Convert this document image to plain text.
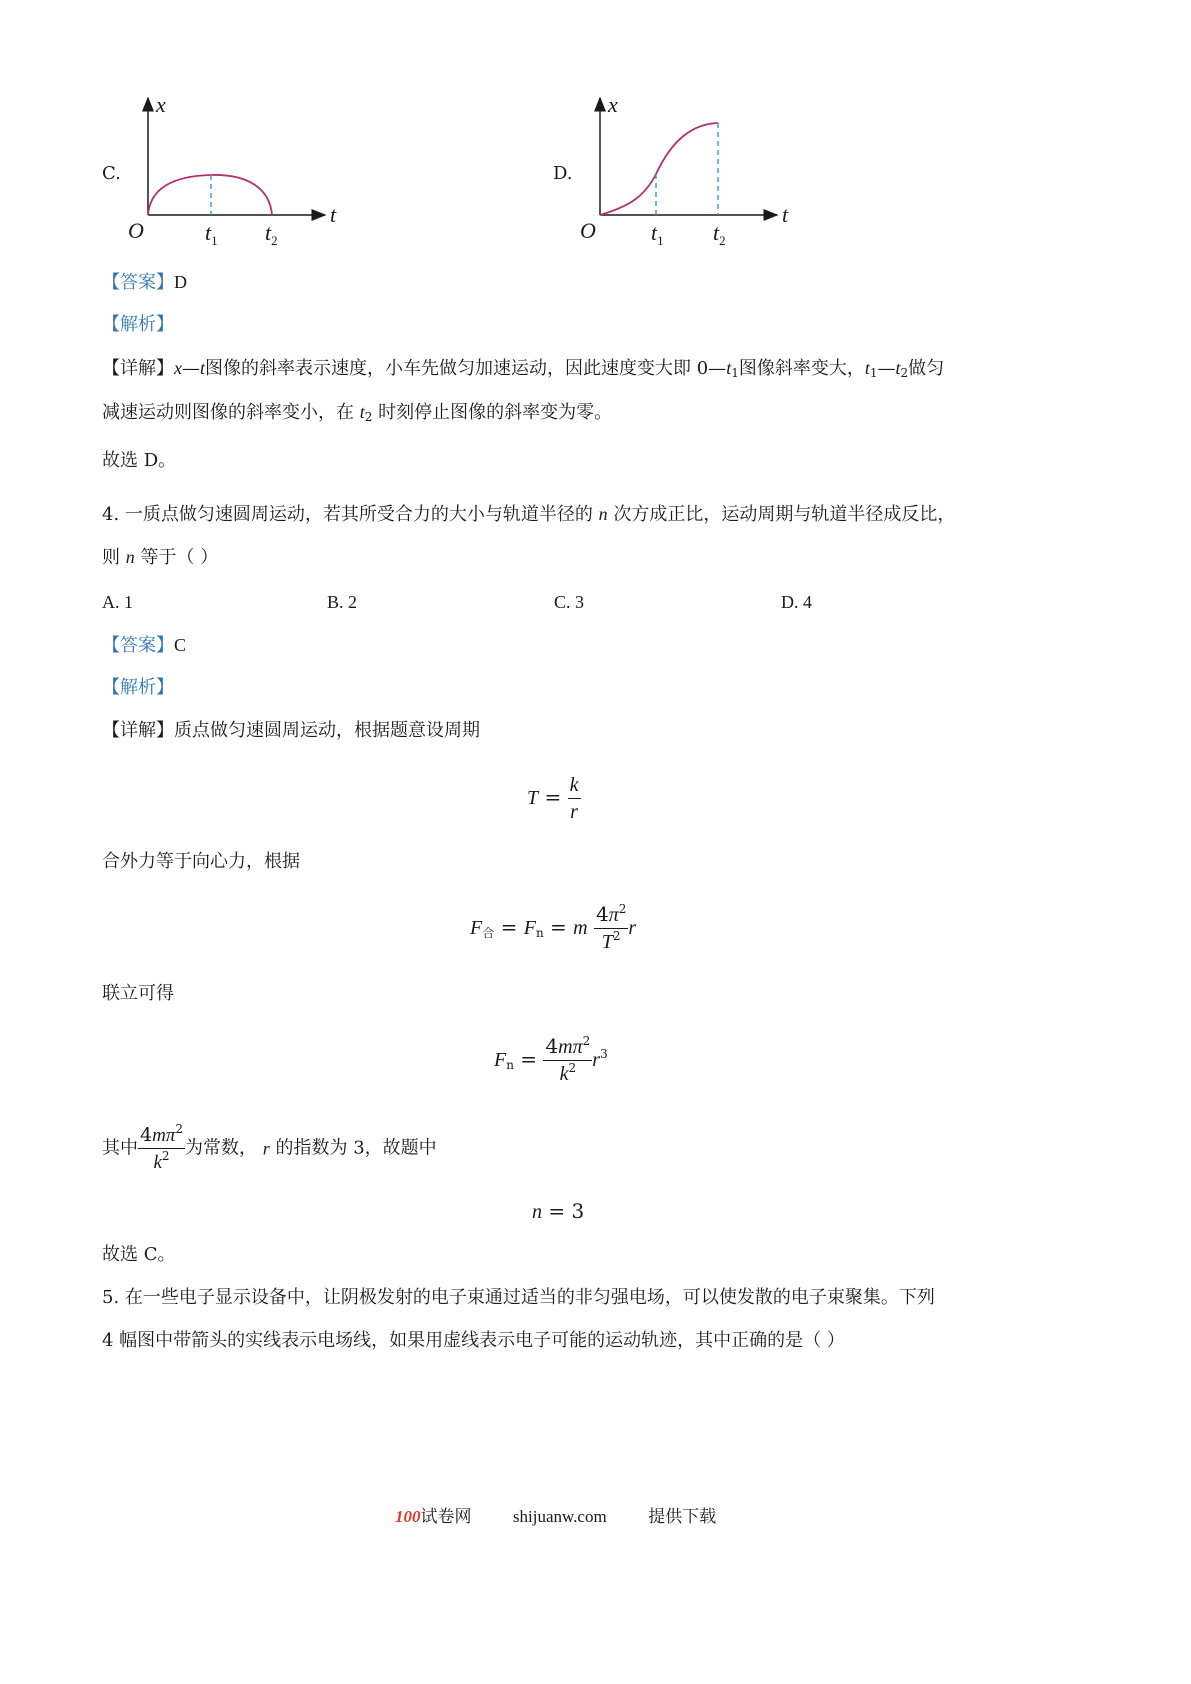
C.
x
t
O	$t_1$ $t_2$
D.
x
t
O	$t_1$ $t_2$
【答案】D
【解析】
【详解】x—t图像的斜率表示速度，小车先做匀加速运动，因此速度变大即 $0—t_1$图像斜率变大，$t_1—t_2$做匀
减速运动则图像的斜率变小，在 $t_2$ 时刻停止图像的斜率变为零。
故选 D。
4. 一质点做匀速圆周运动，若其所受合力的大小与轨道半径的 n 次方成正比，运动周期与轨道半径成反比，
则 n 等于（ ）
A. 1	B. 2	C. 3	D. 4
【答案】C
【解析】
【详解】质点做匀速圆周运动，根据题意设周期
$T = \frac{k}{r}$
合外力等于向心力，根据
$F_合 = F_n = m \frac{4\pi^2}{T^2}$ r
联立可得
$F_n = \frac{4m\pi^2}{k^2} r^3$
其中 $\frac{4m\pi^2}{k^2}$ 为常数， r 的指数为 3，故题中
n = 3
故选 C。
5. 在一些电子显示设备中，让阴极发射的电子束通过适当的非匀强电场，可以使发散的电子束聚集。下列
4 幅图中带箭头的实线表示电场线，如果用虚线表示电子可能的运动轨迹，其中正确的是（ ）
100试卷网 shijuanw.com 提供下载
